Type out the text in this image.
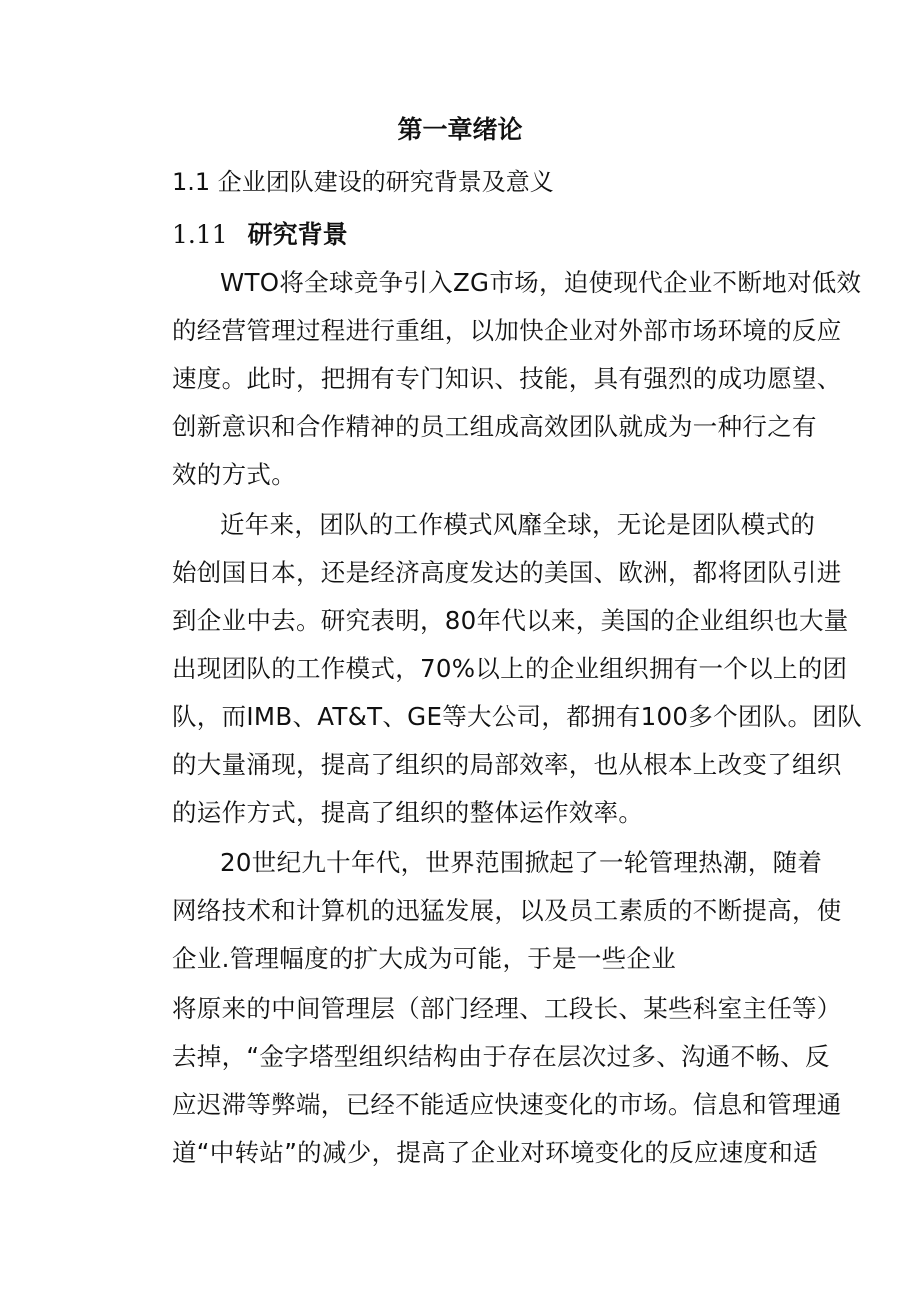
第一章绪论
1.1 企业团队建设的研究背景及意义
1.11 研究背景
WTO将全球竞争引入ZG市场，迫使现代企业不断地对低效
的经营管理过程进行重组，以加快企业对外部市场环境的反应
速度。此时，把拥有专门知识、技能，具有强烈的成功愿望、
创新意识和合作精神的员工组成高效团队就成为一种行之有
效的方式。
近年来，团队的工作模式风靡全球，无论是团队模式的
始创国日本，还是经济高度发达的美国、欧洲，都将团队引进
到企业中去。研究表明，80年代以来，美国的企业组织也大量
出现团队的工作模式，70%以上的企业组织拥有一个以上的团
队，而IMB、AT&T、GE等大公司，都拥有100多个团队。团队
的大量涌现，提高了组织的局部效率，也从根本上改变了组织
的运作方式，提高了组织的整体运作效率。
20世纪九十年代，世界范围掀起了一轮管理热潮，随着
网络技术和计算机的迅猛发展，以及员工素质的不断提高，使
企业.管理幅度的扩大成为可能，于是一些企业
将原来的中间管理层（部门经理、工段长、某些科室主任等）
去掉，“金字塔型组织结构由于存在层次过多、沟通不畅、反
应迟滞等弊端，已经不能适应快速变化的市场。信息和管理通
道“中转站”的减少，提高了企业对环境变化的反应速度和适
